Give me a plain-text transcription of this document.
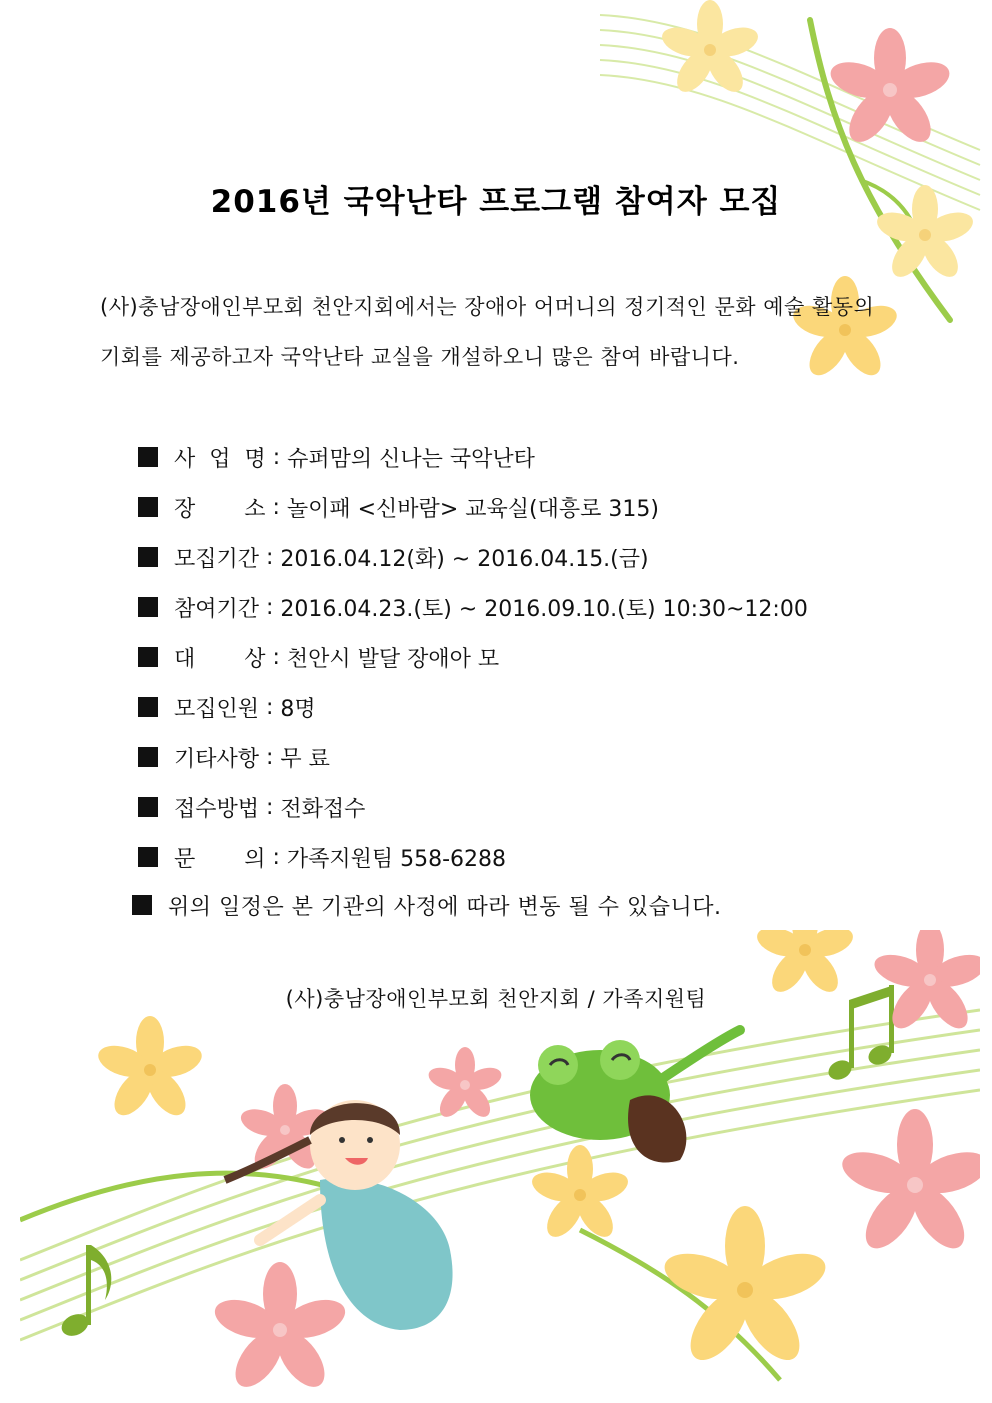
2016년 국악난타 프로그램 참여자 모집

(사)충남장애인부모회 천안지회에서는 장애아 어머니의 정기적인 문화 예술 활동의

기회를 제공하고자 국악난타 교실을 개설하오니 많은 참여 바랍니다.

사  업  명 : 슈퍼맘의 신나는 국악난타
장       소 : 놀이패 <신바람> 교육실(대흥로 315)
모집기간 : 2016.04.12(화) ~ 2016.04.15.(금)
참여기간 : 2016.04.23.(토) ~ 2016.09.10.(토) 10:30~12:00
대       상 : 천안시 발달 장애아 모
모집인원 : 8명
기타사항 : 무 료
접수방법 : 전화접수
문       의 : 가족지원팀 558-6288
위의 일정은 본 기관의 사정에 따라 변동 될 수 있습니다.
(사)충남장애인부모회 천안지회 / 가족지원팀
